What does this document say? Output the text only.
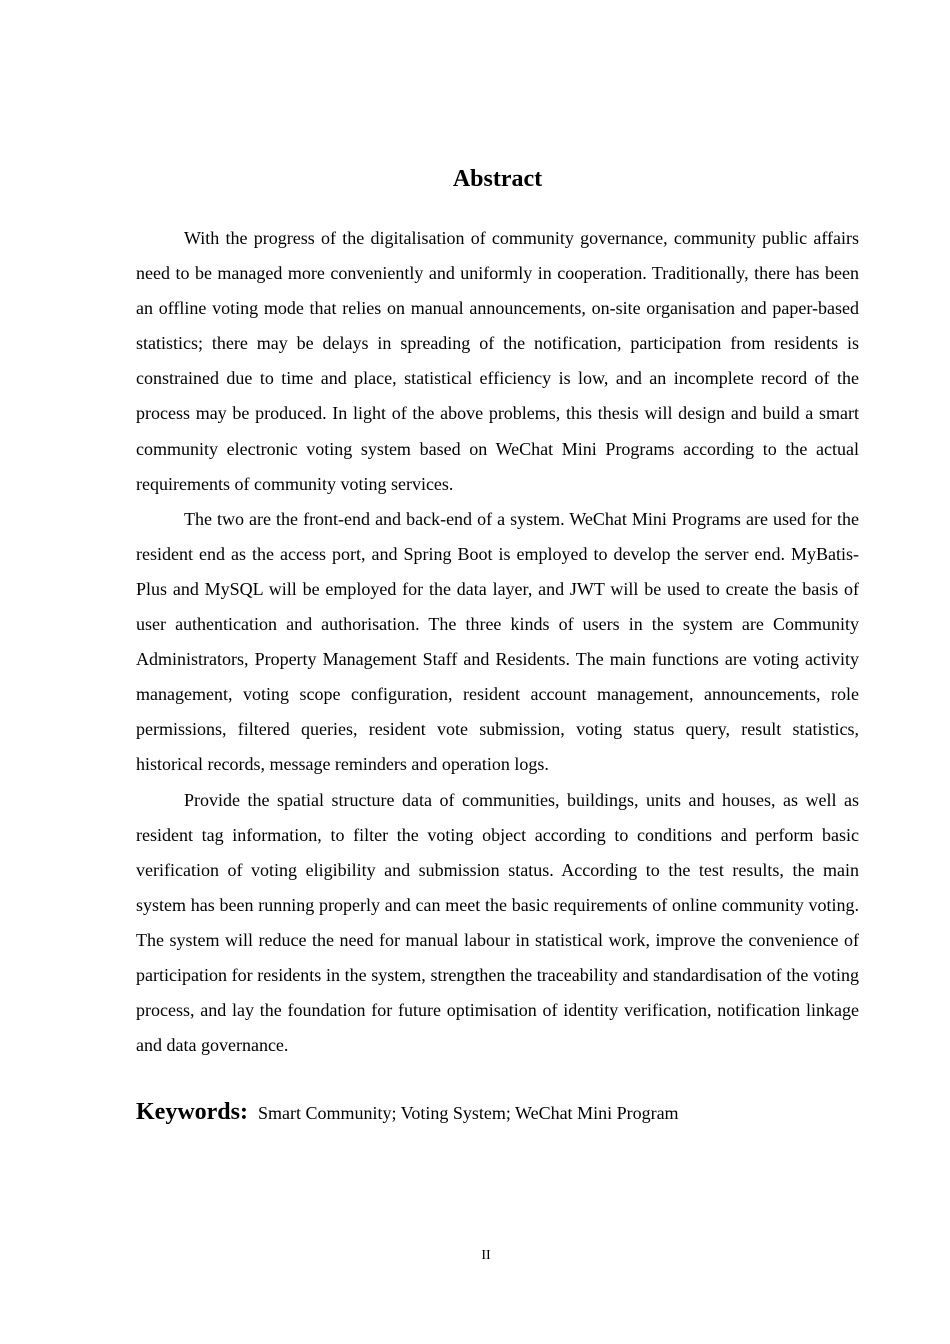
Abstract

With the progress of the digitalisation of community governance, community public affairs need to be managed more conveniently and uniformly in cooperation. Traditionally, there has been an offline voting mode that relies on manual announcements, on-site organisation and paper-based statistics; there may be delays in spreading of the notification, participation from residents is constrained due to time and place, statistical efficiency is low, and an incomplete record of the process may be produced. In light of the above problems, this thesis will design and build a smart community electronic voting system based on WeChat Mini Programs according to the actual requirements of community voting services.

The two are the front-end and back-end of a system. WeChat Mini Programs are used for the resident end as the access port, and Spring Boot is employed to develop the server end. MyBatis-Plus and MySQL will be employed for the data layer, and JWT will be used to create the basis of user authentication and authorisation. The three kinds of users in the system are Community Administrators, Property Management Staff and Residents. The main functions are voting activity management, voting scope configuration, resident account management, announcements, role permissions, filtered queries, resident vote submission, voting status query, result statistics, historical records, message reminders and operation logs.

Provide the spatial structure data of communities, buildings, units and houses, as well as resident tag information, to filter the voting object according to conditions and perform basic verification of voting eligibility and submission status. According to the test results, the main system has been running properly and can meet the basic requirements of online community voting. The system will reduce the need for manual labour in statistical work, improve the convenience of participation for residents in the system, strengthen the traceability and standardisation of the voting process, and lay the foundation for future optimisation of identity verification, notification linkage and data governance.

Keywords: Smart Community; Voting System; WeChat Mini Program
II
